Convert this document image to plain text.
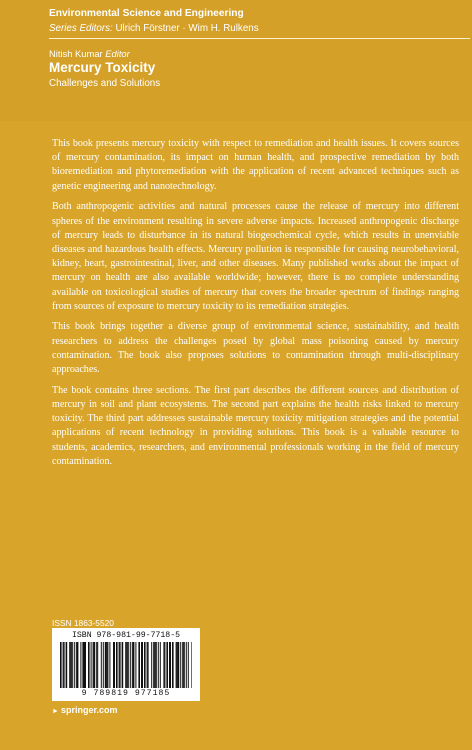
Environmental Science and Engineering
Series Editors: Ulrich Förstner · Wim H. Rulkens
Nitish Kumar Editor
Mercury Toxicity
Challenges and Solutions

This book presents mercury toxicity with respect to remediation and health issues. It covers sources of mercury contamination, its impact on human health, and prospective remediation by both bioremediation and phytoremediation with the application of recent advanced techniques such as genetic engineering and nanotechnology.

Both anthropogenic activities and natural processes cause the release of mercury into different spheres of the environment resulting in severe adverse impacts. Increased anthropogenic discharge of mercury leads to disturbance in its natural biogeochemical cycle, which results in unenviable diseases and hazardous health effects. Mercury pollution is responsible for causing neurobehavioral, kidney, heart, gastrointestinal, liver, and other diseases. Many published works about the impact of mercury on health are also available worldwide; however, there is no complete understanding available on toxicological studies of mercury that covers the broader spectrum of findings ranging from sources of exposure to mercury toxicity to its remediation strategies.

This book brings together a diverse group of environmental science, sustainability, and health researchers to address the challenges posed by global mass poisoning caused by mercury contamination. The book also proposes solutions to contamination through multi-disciplinary approaches.

The book contains three sections. The first part describes the different sources and distribution of mercury in soil and plant ecosystems. The second part explains the health risks linked to mercury toxicity. The third part addresses sustainable mercury toxicity mitigation strategies and the potential applications of recent technology in providing solutions. This book is a valuable resource to students, academics, researchers, and environmental professionals working in the field of mercury contamination.

ISSN 1863-5520
ISBN 978-981-99-7718-5
9 789819 977185
► springer.com
